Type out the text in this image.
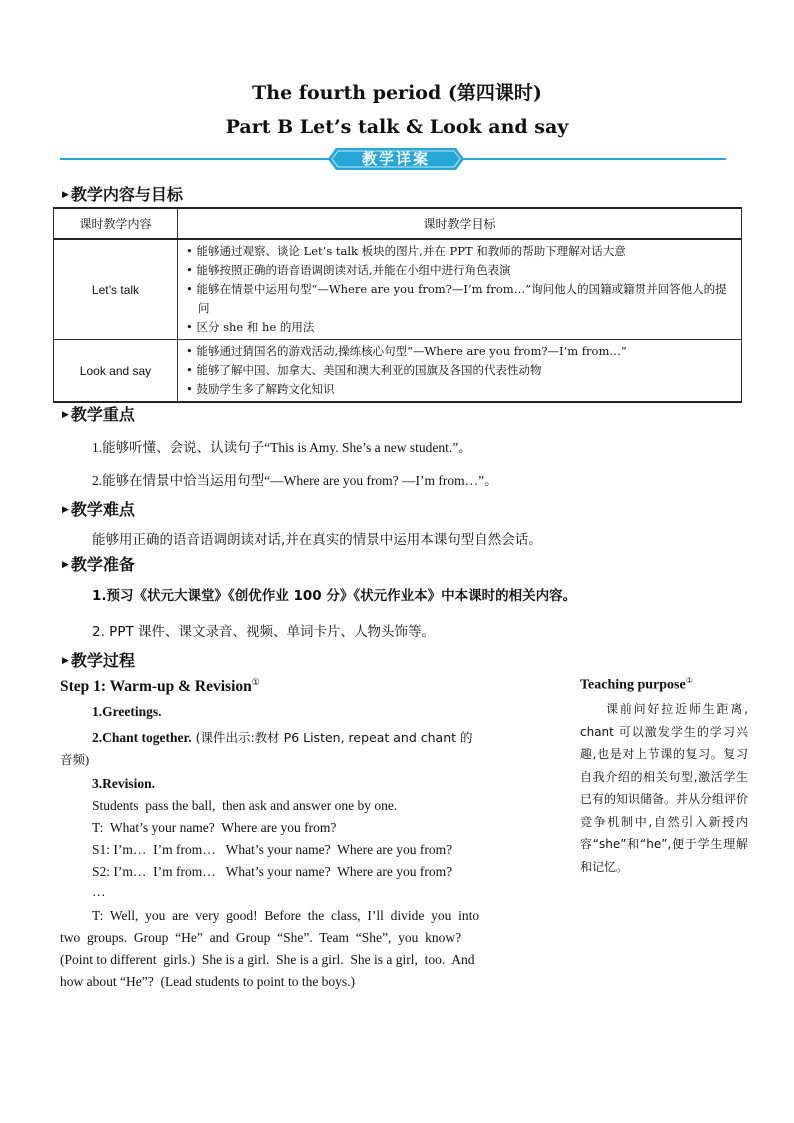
The fourth period (第四课时)
Part B Let’s talk & Look and say
教学详案
▶ 教学内容与目标
课时教学内容	课时教学目标
Let’s talk	• 能够通过观察、谈论 Let’s talk 板块的图片,并在 PPT 和教师的帮助下理解对话大意
• 能够按照正确的语音语调朗读对话,并能在小组中进行角色表演
• 能够在情景中运用句型“—Where are you from?—I’m from…”询问他人的国籍或籍贯并回答他人的提问
• 区分 she 和 he 的用法

Look and say	• 能够通过猜国名的游戏活动,操练核心句型“—Where are you from?—I’m from…”
• 能够了解中国、加拿大、美国和澳大利亚的国旗及各国的代表性动物
• 鼓励学生多了解跨文化知识
▶ 教学重点
1.能够听懂、会说、认读句子“This is Amy. She’s a new student.”。
2.能够在情景中恰当运用句型“—Where are you from? —I’m from…”。
▶ 教学难点
能够用正确的语音语调朗读对话,并在真实的情景中运用本课句型自然会话。
▶ 教学准备
1.预习《状元大课堂》《创优作业 100 分》《状元作业本》中本课时的相关内容。
2. PPT 课件、课文录音、视频、单词卡片、人物头饰等。
▶ 教学过程
Step 1: Warm-up & Revision①
1.Greetings.
2.Chant together. (课件出示:教材 P6 Listen, repeat and chant 的
音频)
3.Revision.
Students  pass the ball,  then ask and answer one by one.
T:  What’s your name?  Where are you from?
S1: I’m…  I’m from…   What’s your name?  Where are you from?
S2: I’m…  I’m from…   What’s your name?  Where are you from?
…
T:  Well,  you  are  very  good!  Before  the  class,  I’ll  divide  you  into
two  groups.  Group  “He”  and  Group  “She”.  Team  “She”,  you  know?
(Point to different  girls.)  She is a girl.  She is a girl.  She is a girl,  too.  And
how about “He”?  (Lead students to point to the boys.)
Teaching purpose①
课前问好拉近师生距离, chant 可以激发学生的学习兴趣,也是对上节课的复习。复习自我介绍的相关句型,激活学生已有的知识储备。并从分组评价竞争机制中,自然引入新授内容“she”和“he”,便于学生理解和记忆。
